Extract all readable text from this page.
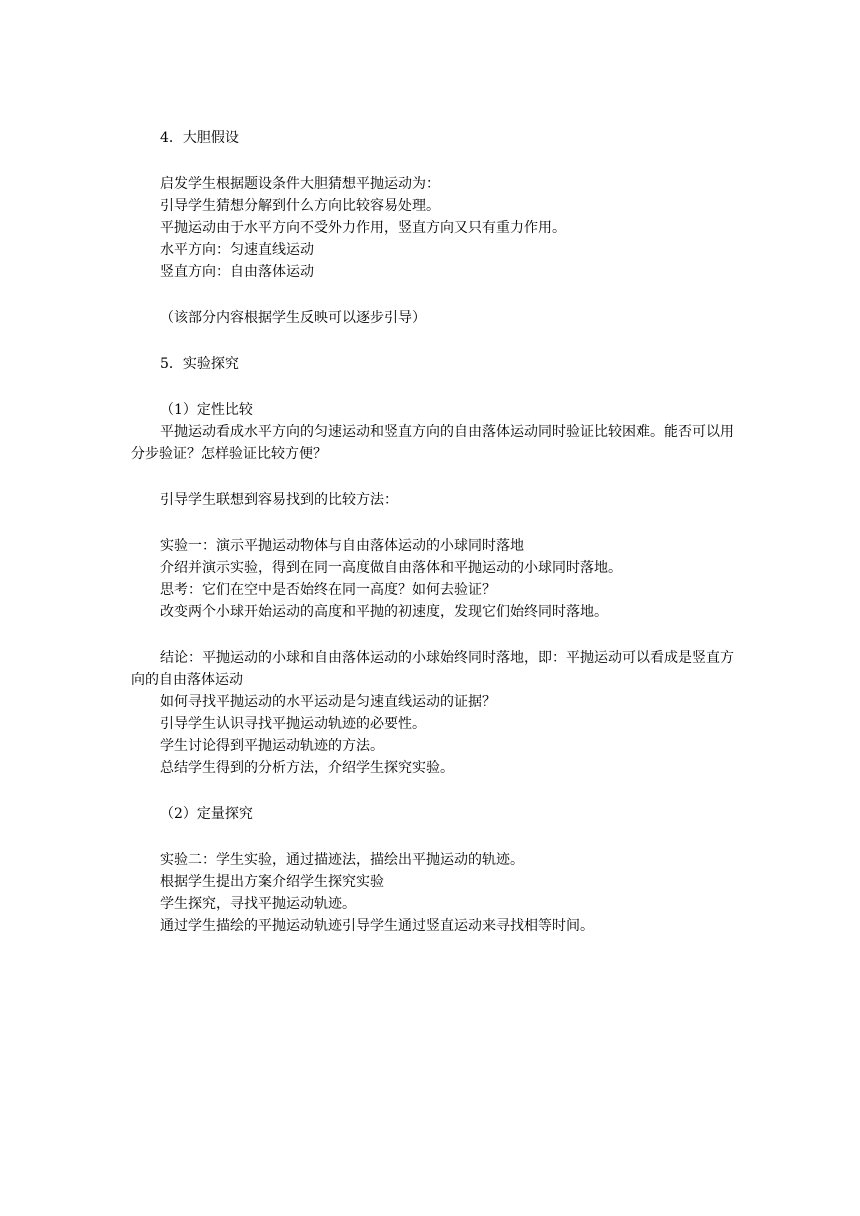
4．大胆假设
启发学生根据题设条件大胆猜想平抛运动为：
引导学生猜想分解到什么方向比较容易处理。
平抛运动由于水平方向不受外力作用，竖直方向又只有重力作用。
水平方向：匀速直线运动
竖直方向：自由落体运动
（该部分内容根据学生反映可以逐步引导）
5．实验探究
（1）定性比较
平抛运动看成水平方向的匀速运动和竖直方向的自由落体运动同时验证比较困难。能否可以用分步验证？怎样验证比较方便？
引导学生联想到容易找到的比较方法：
实验一：演示平抛运动物体与自由落体运动的小球同时落地
介绍并演示实验，得到在同一高度做自由落体和平抛运动的小球同时落地。
思考：它们在空中是否始终在同一高度？如何去验证？
改变两个小球开始运动的高度和平抛的初速度，发现它们始终同时落地。
结论：平抛运动的小球和自由落体运动的小球始终同时落地，即：平抛运动可以看成是竖直方向的自由落体运动
如何寻找平抛运动的水平运动是匀速直线运动的证据？
引导学生认识寻找平抛运动轨迹的必要性。
学生讨论得到平抛运动轨迹的方法。
总结学生得到的分析方法，介绍学生探究实验。
（2）定量探究
实验二：学生实验，通过描迹法，描绘出平抛运动的轨迹。
根据学生提出方案介绍学生探究实验
学生探究，寻找平抛运动轨迹。
通过学生描绘的平抛运动轨迹引导学生通过竖直运动来寻找相等时间。
